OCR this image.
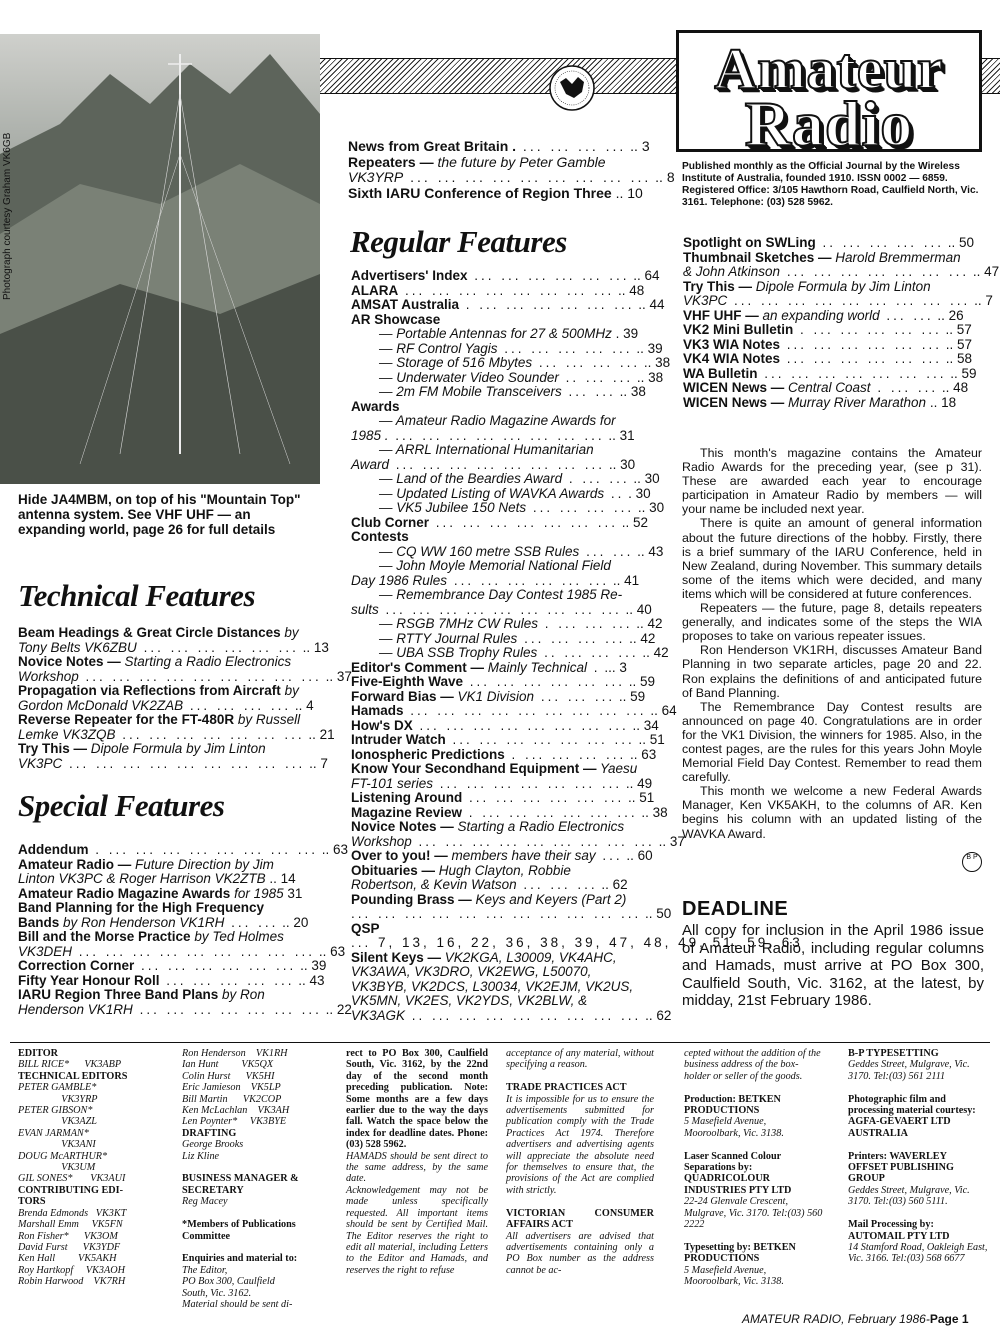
Photograph courtesy Graham VK6GB
Amateur
Radio
Published monthly as the Official Journal by the Wireless Institute of Australia, founded 1910. ISSN 0002 — 6859. Registered Office: 3/105 Hawthorn Road, Caulfield North, Vic. 3161. Telephone: (03) 528 5962.
News from Great Britain . ... ... ... ... .. 3
Repeaters — the future by Peter Gamble
VK3YRP ... ... ... ... ... ... ... ... ... .. 8
Sixth IARU Conference of Region Three .. 10
Regular Features
Technical Features
Special Features
Hide JA4MBM, on top of his "Mountain Top" antenna system. See VHF UHF — an expanding world, page 26 for full details
Advertisers' Index ... ... ... ... ... ... .. 64
ALARA ... ... ... ... ... ... ... ... .. 48
AMSAT Australia . ... ... ... ... ... ... .. 44
AR Showcase
— Portable Antennas for 27 & 500MHz . 39
— RF Control Yagis ... ... ... ... ... .. 39
— Storage of 516 Mbytes ... ... ... ... .. 38
— Underwater Video Sounder .. ... ... .. 38
— 2m FM Mobile Transceivers ... ... .. 38
Awards
— Amateur Radio Magazine Awards for
1985 . ... ... ... ... ... ... ... ... .. 31
— ARRL International Humanitarian
Award ... ... ... ... ... ... ... ... .. 30
— Land of the Beardies Award . ... ... .. 30
— Updated Listing of WAVKA Awards .. . 30
— VK5 Jubilee 150 Nets ... ... ... ... .. 30
Club Corner ... ... ... ... ... ... ... .. 52
Contests
— CQ WW 160 metre SSB Rules ... ... .. 43
— John Moyle Memorial National Field
Day 1986 Rules ... ... ... ... ... ... .. 41
— Remembrance Day Contest 1985 Re-
sults ... ... ... ... ... ... ... ... ... .. 40
— RSGB 7MHz CW Rules . ... ... ... .. 42
— RTTY Journal Rules ... ... ... ... .. 42
— UBA SSB Trophy Rules .. ... ... ... .. 42
Editor's Comment — Mainly Technical . ... 3
Five-Eighth Wave ... ... ... ... ... ... .. 59
Forward Bias — VK1 Division ... ... ... .. 59
Hamads ... ... ... ... ... ... ... ... ... .. 64
How's DX ... ... ... ... ... ... ... ... .. 34
Intruder Watch ... ... ... ... ... ... ... .. 51
Ionospheric Predictions . ... ... ... ... .. 63
Know Your Secondhand Equipment — Yaesu
FT-101 series ... ... ... ... ... ... ... .. 49
Listening Around ... ... ... ... ... ... .. 51
Magazine Review . ... ... ... ... ... ... .. 38
Novice Notes — Starting a Radio Electronics
Workshop ... ... ... ... ... ... ... ... ... .. 37
Over to you! — members have their say ... .. 60
Obituaries — Hugh Clayton, Robbie
Robertson, & Kevin Watson ... ... ... .. 62
Pounding Brass — Keys and Keyers (Part 2)
... ... ... ... ... ... ... ... ... ... ... .. 50
QSP
... 7, 13, 16, 22, 36, 38, 39, 47, 48, 49, 51, 59, 63
Silent Keys — VK2KGA, L30009, VK4AHC,
VK3AWA, VK3DRO, VK2EWG, L50070,
VK3BYB, VK2DCS, L30034, VK2EJM, VK2US,
VK5MN, VK2ES, VK2YDS, VK2BLW, &
VK3AGK .. ... ... ... ... ... ... ... ... .. 62
Spotlight on SWLing .. ... ... ... ... .. 50
Thumbnail Sketches — Harold Bremmerman
& John Atkinson ... ... ... ... ... ... ... .. 47
Try This — Dipole Formula by Jim Linton
VK3PC ... ... ... ... ... ... ... ... ... .. 7
VHF UHF — an expanding world ... ... .. 26
VK2 Mini Bulletin . ... ... ... ... ... .. 57
VK3 WIA Notes ... ... ... ... ... ... .. 57
VK4 WIA Notes ... ... ... ... ... ... .. 58
WA Bulletin ... ... ... ... ... ... ... .. 59
WICEN News — Central Coast . ... ... .. 48
WICEN News — Murray River Marathon .. 18
Beam Headings & Great Circle Distances by
Tony Belts VK6ZBU ... ... ... ... ... ... .. 13
Novice Notes — Starting a Radio Electronics
Workshop ... ... ... ... ... ... ... ... ... .. 37
Propagation via Reflections from Aircraft by
Gordon McDonald VK2ZAB ... ... ... ... .. 4
Reverse Repeater for the FT-480R by Russell
Lemke VK3ZQB ... ... ... ... ... ... ... .. 21
Try This — Dipole Formula by Jim Linton
VK3PC ... ... ... ... ... ... ... ... ... .. 7
Addendum . ... ... ... ... ... ... ... ... .. 63
Amateur Radio — Future Direction by Jim
Linton VK3PC & Roger Harrison VK2ZTB .. 14
Amateur Radio Magazine Awards for 1985 31
Band Planning for the High Frequency
Bands by Ron Henderson VK1RH ... ... .. 20
Bill and the Morse Practice by Ted Holmes
VK3DEH ... ... ... ... ... ... ... ... ... .. 63
Correction Corner ... ... ... ... ... ... .. 39
Fifty Year Honour Roll ... ... ... ... ... .. 43
IARU Region Three Band Plans by Ron
Henderson VK1RH ... ... ... ... ... ... ... .. 22

This month's magazine contains the Amateur Radio Awards for the preceding year, (see p 31). These are awarded each year to encourage participation in Amateur Radio by members — will your name be included next year.

There is quite an amount of general information about the future directions of the hobby. Firstly, there is a brief summary of the IARU Conference, held in New Zealand, during November. This summary details some of the items which were decided, and many items which will be considered at future conferences.

Repeaters — the future, page 8, details repeaters generally, and indicates some of the steps the WIA proposes to take on various repeater issues.

Ron Henderson VK1RH, discusses Amateur Band Planning in two separate articles, page 20 and 22. Ron explains the definitions of and anticipated future of Band Planning.

The Remembrance Day Contest results are announced on page 40. Congratulations are in order for the VK1 Division, the winners for 1985. Also, in the contest pages, are the rules for this years John Moyle Memorial Field Day Contest. Remember to read them carefully.

This month we welcome a new Federal Awards Manager, Ken VK5AKH, to the columns of AR. Ken begins his column with an updated listing of the WAVKA Award.

B P
DEADLINE
All copy for inclusion in the April 1986 issue of Amateur Radio, including regular columns and Hamads, must arrive at PO Box 300, Caulfield South, Vic. 3162, at the latest, by midday, 21st February 1986.
EDITOR
BILL RICE*      VK3ABP
TECHNICAL EDITORS
PETER GAMBLE*
VK3YRP
PETER GIBSON*
VK3AZL
EVAN JARMAN*
VK3ANI
DOUG McARTHUR*
VK3UM
GIL SONES*       VK3AUI
CONTRIBUTING EDI-
TORS
Brenda Edmonds   VK3KT
Marshall Emm     VK5FN
Ron Fisher*      VK3OM
David Furst      VK3YDF
Ken Hall         VK5AKH
Roy Hartkopf     VK3AOH
Robin Harwood    VK7RH
Ron Henderson    VK1RH
Ian Hunt         VK5QX
Colin Hurst      VK5HI
Eric Jamieson    VK5LP
Bill Martin      VK2COP
Ken McLachlan    VK3AH
Len Poynter*     VK3BYE
DRAFTING
George Brooks
Liz Kline

BUSINESS MANAGER & SECRETARY
Reg Macey

*Members of Publications Committee

Enquiries and material to:
The Editor,
PO Box 300, Caulfield
South, Vic. 3162.
Material should be sent di-
rect to PO Box 300, Caulfield South, Vic. 3162, by the 22nd day of the second month preceding publication. Note: Some months are a few days earlier due to the way the days fall. Watch the space below the index for deadline dates. Phone: (03) 528 5962.
HAMADS should be sent direct to the same address, by the same date.
Acknowledgement may not be made unless specifically requested. All important items should be sent by Certified Mail. The Editor reserves the right to edit all material, including Letters to the Editor and Hamads, and reserves the right to refuse
acceptance of any material, without specifying a reason.

TRADE PRACTICES ACT
It is impossible for us to ensure the advertisements submitted for publication comply with the Trade Practices Act 1974. Therefore advertisers and advertising agents will appreciate the absolute need for themselves to ensure that, the provisions of the Act are complied with strictly.

VICTORIAN CONSUMER AFFAIRS ACT
All advertisers are advised that advertisements containing only a PO Box number as the address cannot be ac-
cepted without the addition of the business address of the box-holder or seller of the goods.

Production: BETKEN PRODUCTIONS
5 Masefield Avenue, Mooroolbark, Vic. 3138.

Laser Scanned Colour Separations by: QUADRICOLOUR INDUSTRIES PTY LTD
22-24 Glenvale Crescent, Mulgrave, Vic. 3170. Tel:(03) 560 2222

Typesetting by: BETKEN PRODUCTIONS
5 Masefield Avenue, Mooroolbark, Vic. 3138.
B-P TYPESETTING
Geddes Street, Mulgrave, Vic. 3170. Tel:(03) 561 2111

Photographic film and processing material courtesy: AGFA-GEVAERT LTD AUSTRALIA

Printers: WAVERLEY OFFSET PUBLISHING GROUP
Geddes Street, Mulgrave, Vic. 3170. Tel:(03) 560 5111.

Mail Processing by: AUTOMAIL PTY LTD
14 Stamford Road, Oakleigh East, Vic. 3166. Tel:(03) 568 6677
AMATEUR RADIO, February 1986-Page 1
